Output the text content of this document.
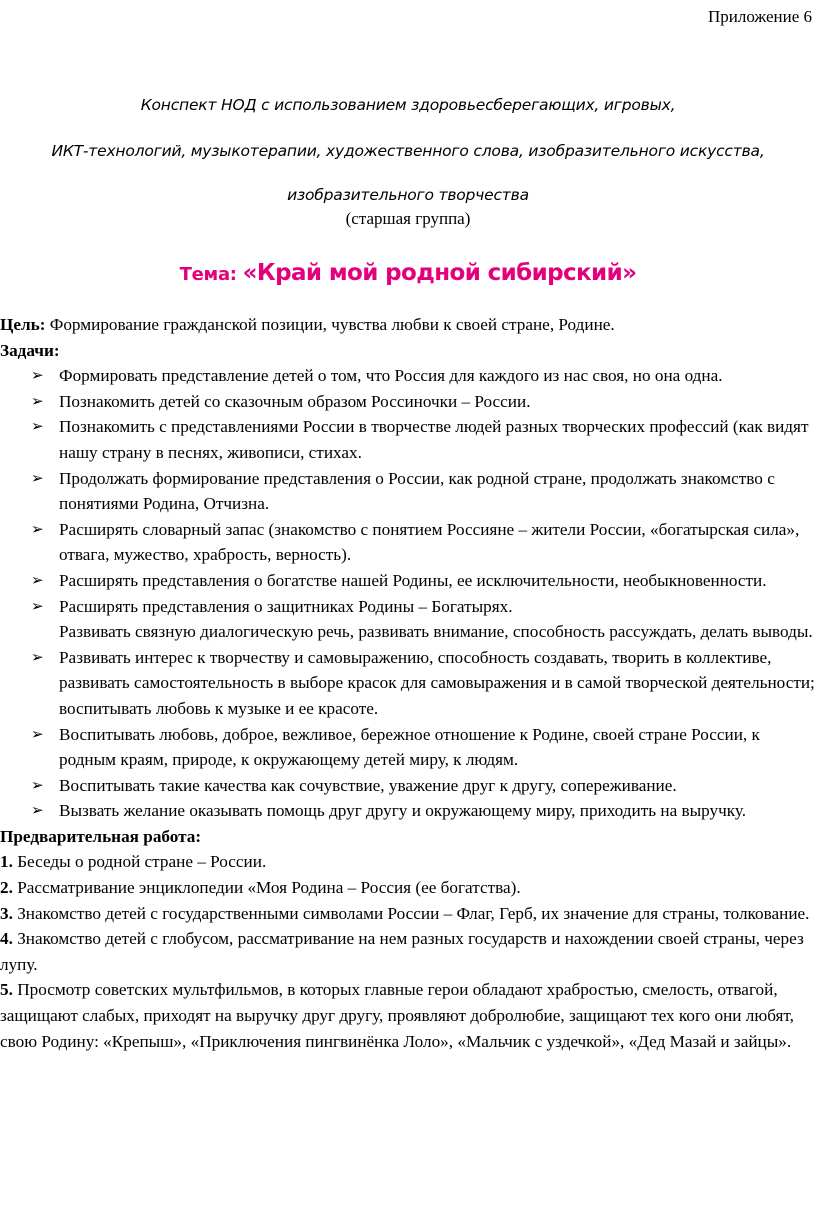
Приложение 6
Конспект НОД с использованием здоровьесберегающих, игровых,
ИКТ-технологий, музыкотерапии, художественного слова, изобразительного искусства,
изобразительного творчества
(старшая группа)
Тема: «Край мой родной сибирский»

Цель: Формирование гражданской позиции, чувства любви к своей стране, Родине.

Задачи:

➢ Формировать представление детей о том, что Россия для каждого из нас своя, но она одна.
➢ Познакомить детей со сказочным образом Россиночки – России.
➢ Познакомить с представлениями России в творчестве людей разных творческих профессий (как видят нашу страну в песнях, живописи, стихах.
➢ Продолжать формирование представления о России, как родной стране, продолжать знакомство с понятиями Родина, Отчизна.
➢ Расширять словарный запас (знакомство с понятием Россияне – жители России, «богатырская сила», отвага, мужество, храбрость, верность).
➢ Расширять представления о богатстве нашей Родины, ее исключительности, необыкновенности.
➢ Расширять представления о защитниках Родины – Богатырях.
Развивать связную диалогическую речь, развивать внимание, способность рассуждать, делать выводы.
➢ Развивать интерес к творчеству и самовыражению, способность создавать, творить в коллективе, развивать самостоятельность в выборе красок для самовыражения и в самой творческой деятельности; воспитывать любовь к музыке и ее красоте.
➢ Воспитывать любовь, доброе, вежливое, бережное отношение к Родине, своей стране России, к родным краям, природе, к окружающему детей миру, к людям.
➢ Воспитывать такие качества как сочувствие, уважение друг к другу, сопереживание.
➢ Вызвать желание оказывать помощь друг другу и окружающему миру, приходить на выручку.

Предварительная работа:

1. Беседы о родной стране – России.

2. Рассматривание энциклопедии «Моя Родина – Россия (ее богатства).

3. Знакомство детей с государственными символами России – Флаг, Герб, их значение для страны, толкование.

4. Знакомство детей с глобусом, рассматривание на нем разных государств и нахождении своей страны, через лупу.

5. Просмотр советских мультфильмов, в которых главные герои обладают храбростью, смелость, отвагой, защищают слабых, приходят на выручку друг другу, проявляют добролюбие, защищают тех кого они любят, свою Родину: «Крепыш», «Приключения пингвинёнка Лоло», «Мальчик с уздечкой», «Дед Мазай и зайцы».
